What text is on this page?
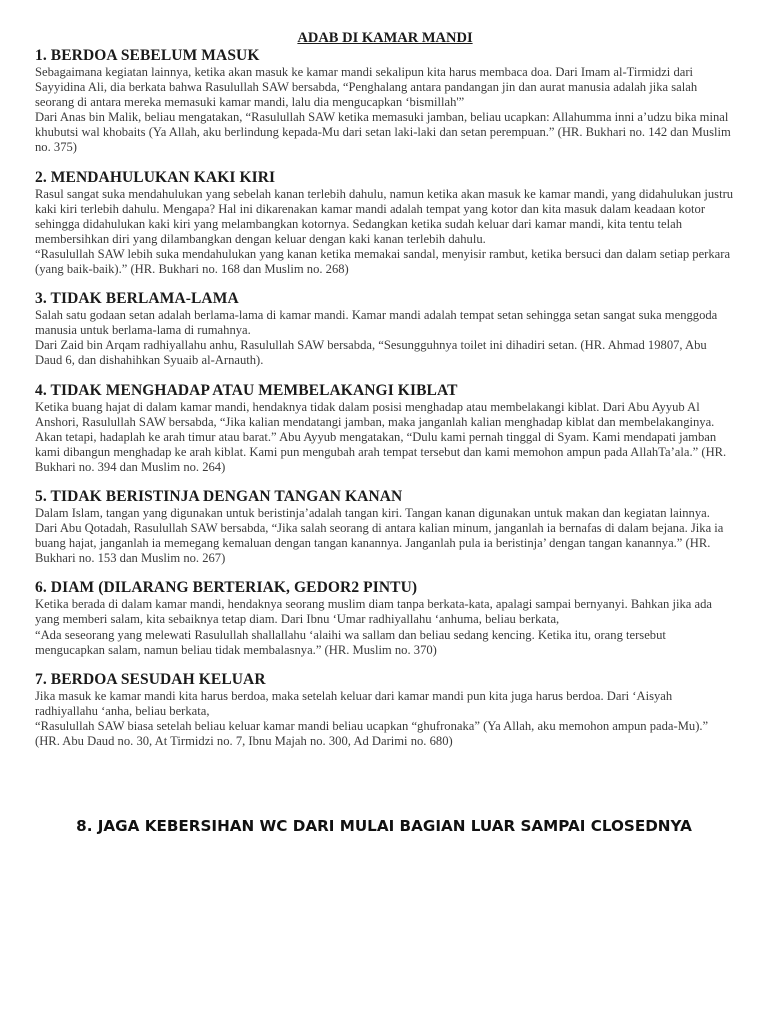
ADAB DI KAMAR MANDI
1. BERDOA SEBELUM MASUK

Sebagaimana kegiatan lainnya, ketika akan masuk ke kamar mandi sekalipun kita harus membaca doa. Dari Imam al-Tirmidzi dari Sayyidina Ali, dia berkata bahwa Rasulullah SAW bersabda, “Penghalang antara pandangan jin dan aurat manusia adalah jika salah seorang di antara mereka memasuki kamar mandi, lalu dia mengucapkan ‘bismillah'”

Dari Anas bin Malik, beliau mengatakan, “Rasulullah SAW ketika memasuki jamban, beliau ucapkan: Allahumma inni a’udzu bika minal khubutsi wal khobaits (Ya Allah, aku berlindung kepada-Mu dari setan laki-laki dan setan perempuan.” (HR. Bukhari no. 142 dan Muslim no. 375)

2. MENDAHULUKAN KAKI KIRI

Rasul sangat suka mendahulukan yang sebelah kanan terlebih dahulu, namun ketika akan masuk ke kamar mandi, yang didahulukan justru kaki kiri terlebih dahulu. Mengapa? Hal ini dikarenakan kamar mandi adalah tempat yang kotor dan kita masuk dalam keadaan kotor sehingga didahulukan kaki kiri yang melambangkan kotornya. Sedangkan ketika sudah keluar dari kamar mandi, kita tentu telah membersihkan diri yang dilambangkan dengan keluar dengan kaki kanan terlebih dahulu.

“Rasulullah SAW lebih suka mendahulukan yang kanan ketika memakai sandal, menyisir rambut, ketika bersuci dan dalam setiap perkara (yang baik-baik).” (HR. Bukhari no. 168 dan Muslim no. 268)

3. TIDAK BERLAMA-LAMA

Salah satu godaan setan adalah berlama-lama di kamar mandi. Kamar mandi adalah tempat setan sehingga setan sangat suka menggoda manusia untuk berlama-lama di rumahnya.

Dari Zaid bin Arqam radhiyallahu anhu, Rasulullah SAW bersabda, “Sesungguhnya toilet ini dihadiri setan. (HR. Ahmad 19807, Abu Daud 6, dan dishahihkan Syuaib al-Arnauth).

4. TIDAK MENGHADAP ATAU MEMBELAKANGI KIBLAT

Ketika buang hajat di dalam kamar mandi, hendaknya tidak dalam posisi menghadap atau membelakangi kiblat. Dari Abu Ayyub Al Anshori, Rasulullah SAW bersabda, “Jika kalian mendatangi jamban, maka janganlah kalian menghadap kiblat dan membelakanginya. Akan tetapi, hadaplah ke arah timur atau barat.” Abu Ayyub mengatakan, “Dulu kami pernah tinggal di Syam. Kami mendapati jamban kami dibangun menghadap ke arah kiblat. Kami pun mengubah arah tempat tersebut dan kami memohon ampun pada AllahTa’ala.” (HR. Bukhari no. 394 dan Muslim no. 264)

5. TIDAK BERISTINJA DENGAN TANGAN KANAN

Dalam Islam, tangan yang digunakan untuk beristinja’adalah tangan kiri. Tangan kanan digunakan untuk makan dan kegiatan lainnya. Dari Abu Qotadah, Rasulullah SAW bersabda, “Jika salah seorang di antara kalian minum, janganlah ia bernafas di dalam bejana. Jika ia buang hajat, janganlah ia memegang kemaluan dengan tangan kanannya. Janganlah pula ia beristinja’ dengan tangan kanannya.” (HR. Bukhari no. 153 dan Muslim no. 267)

6. DIAM (DILARANG BERTERIAK, GEDOR2 PINTU)

Ketika berada di dalam kamar mandi, hendaknya seorang muslim diam tanpa berkata-kata, apalagi sampai bernyanyi. Bahkan jika ada yang memberi salam, kita sebaiknya tetap diam. Dari Ibnu ‘Umar radhiyallahu ‘anhuma, beliau berkata,

“Ada seseorang yang melewati Rasulullah shallallahu ‘alaihi wa sallam dan beliau sedang kencing. Ketika itu, orang tersebut mengucapkan salam, namun beliau tidak membalasnya.” (HR. Muslim no. 370)

7. BERDOA SESUDAH KELUAR

Jika masuk ke kamar mandi kita harus berdoa, maka setelah keluar dari kamar mandi pun kita juga harus berdoa. Dari ‘Aisyah radhiyallahu ‘anha, beliau berkata,

“Rasulullah SAW biasa setelah beliau keluar kamar mandi beliau ucapkan “ghufronaka” (Ya Allah, aku memohon ampun pada-Mu).” (HR. Abu Daud no. 30, At Tirmidzi no. 7, Ibnu Majah no. 300, Ad Darimi no. 680)

8. JAGA KEBERSIHAN WC DARI MULAI BAGIAN LUAR SAMPAI CLOSEDNYA
